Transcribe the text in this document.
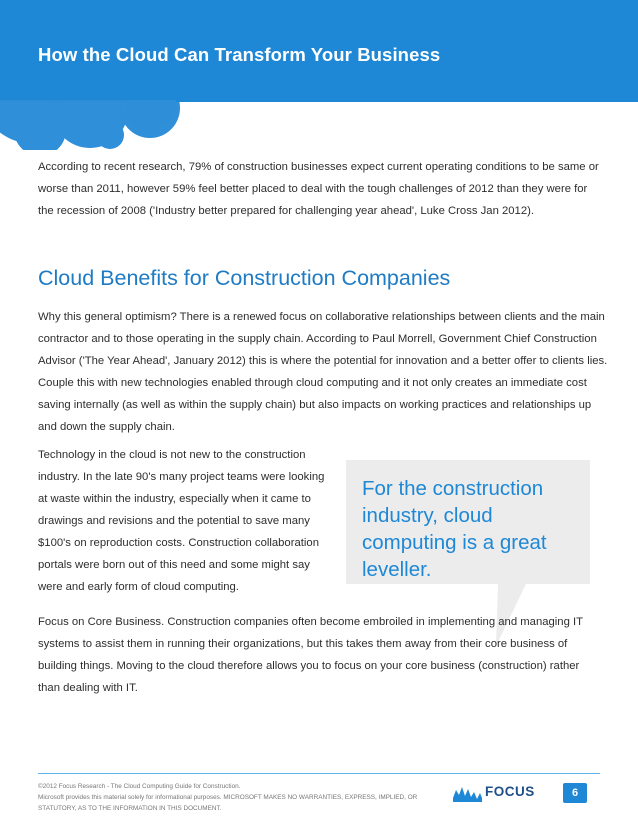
How the Cloud Can Transform Your Business
According to recent research, 79% of construction businesses expect current operating conditions to be same or worse than 2011, however 59% feel better placed to deal with the tough challenges of 2012 than they were for the recession of 2008 ('Industry better prepared for challenging year ahead', Luke Cross Jan 2012).
Cloud Benefits for Construction Companies
Why this general optimism? There is a renewed focus on collaborative relationships between clients and the main contractor and to those operating in the supply chain. According to Paul Morrell, Government Chief Construction Advisor ('The Year Ahead', January 2012) this is where the potential for innovation and a better offer to clients lies. Couple this with new technologies enabled through cloud computing and it not only creates an immediate cost saving internally (as well as within the supply chain) but also impacts on working practices and relationships up and down the supply chain.
Technology in the cloud is not new to the construction industry. In the late 90's many project teams were looking at waste within the industry, especially when it came to drawings and revisions and the potential to save many $100's on reproduction costs. Construction collaboration portals were born out of this need and some might say were and early form of cloud computing.
For the construction industry, cloud computing is a great leveller.
Focus on Core Business. Construction companies often become embroiled in implementing and managing IT systems to assist them in running their organizations, but this takes them away from their core business of building things. Moving to the cloud therefore allows you to focus on your core business (construction) rather than dealing with IT.
©2012 Focus Research - The Cloud Computing Guide for Construction.
Microsoft provides this material solely for informational purposes. MICROSOFT MAKES NO WARRANTIES, EXPRESS, IMPLIED, OR STATUTORY, AS TO THE INFORMATION IN THIS DOCUMENT.
FOCUS	6
